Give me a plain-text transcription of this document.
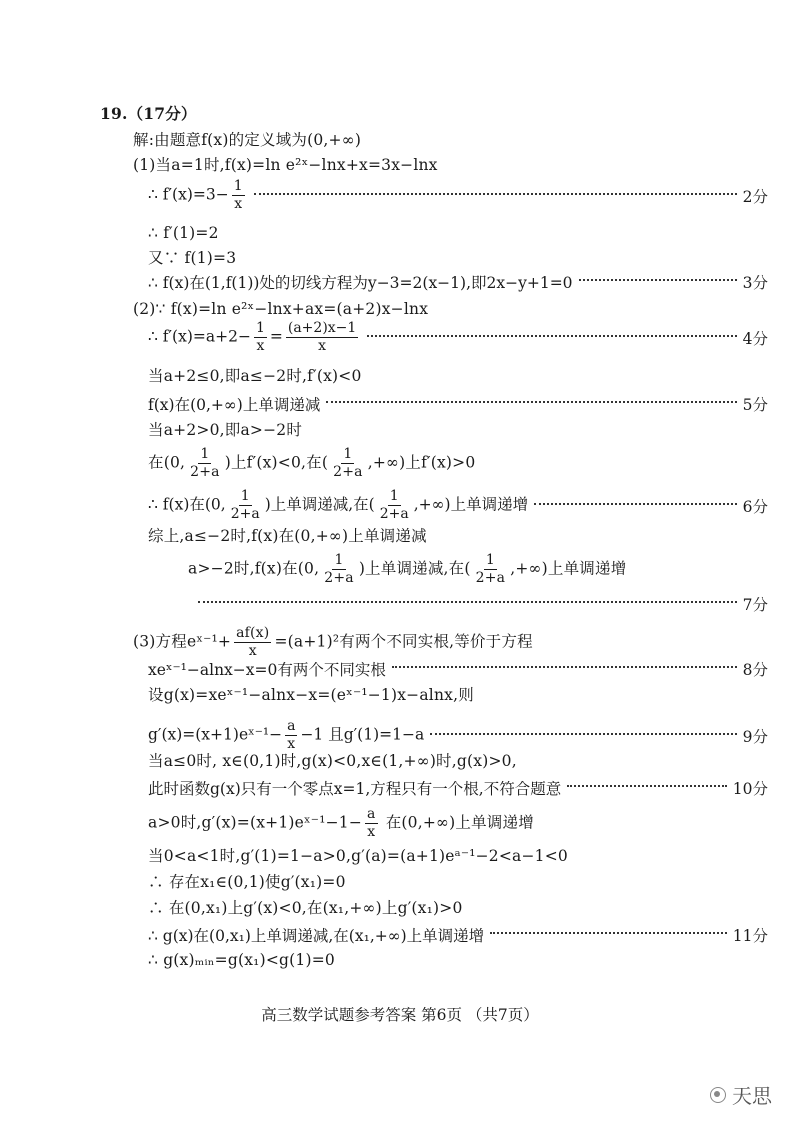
19.（17分）
解:由题意f(x)的定义域为(0,+∞)
(1)当a=1时,f(x)=ln e²ˣ−lnx+x=3x−lnx
∴ $f'(x)=3- \frac{1}{x}$	2分
∴ f′(1)=2
又∵ f(1)=3
∴ f(x)在(1,f(1))处的切线方程为y−3=2(x−1),即2x−y+1=0	3分
(2)∵ f(x)=ln e²ˣ−lnx+ax=(a+2)x−lnx
∴ $f'(x)=a+2- \frac{1}{x} = \frac{(a+2)x-1}{x}$	4分
当a+2≤0,即a≤−2时,f′(x)<0
f(x)在(0,+∞)上单调递减	5分
当a+2>0,即a>−2时
在(0, $\frac{1}{2+a}$ )上f′(x)<0,在( $\frac{1}{2+a}$ ,+∞)上f′(x)>0
∴ f(x)在(0, $\frac{1}{2+a}$ )上单调递减,在( $\frac{1}{2+a}$ ,+∞)上单调递增	6分
综上,a≤−2时,f(x)在(0,+∞)上单调递减
a>−2时,f(x)在(0, $\frac{1}{2+a}$ )上单调递减,在( $\frac{1}{2+a}$ ,+∞)上单调递增
7分
(3)方程eˣ⁻¹+ $\frac{af(x)}{x} =(a+1)^2$有两个不同实根,等价于方程
xeˣ⁻¹−alnx−x=0有两个不同实根	8分
设g(x)=xeˣ⁻¹−alnx−x=(eˣ⁻¹−1)x−alnx,则
g′(x)=(x+1)eˣ⁻¹− $\frac{a}{x} -1$ 且g′(1)=1−a	9分
当a≤0时, x∈(0,1)时,g(x)<0,x∈(1,+∞)时,g(x)>0,
此时函数g(x)只有一个零点x=1,方程只有一个根,不符合题意	10分
a>0时,g′(x)=(x+1)eˣ⁻¹−1− $\frac{a}{x}$ 在(0,+∞)上单调递增
当0<a<1时,g′(1)=1−a>0,g′(a)=(a+1)eᵃ⁻¹−2<a−1<0
∴ 存在x₁∈(0,1)使g′(x₁)=0
∴ 在(0,x₁)上g′(x)<0,在(x₁,+∞)上g′(x₁)>0
∴ g(x)在(0,x₁)上单调递减,在(x₁,+∞)上单调递增	11分
∴ g(x)ₘᵢₙ=g(x₁)<g(1)=0
高三数学试题参考答案 第6页 （共7页）
天思
